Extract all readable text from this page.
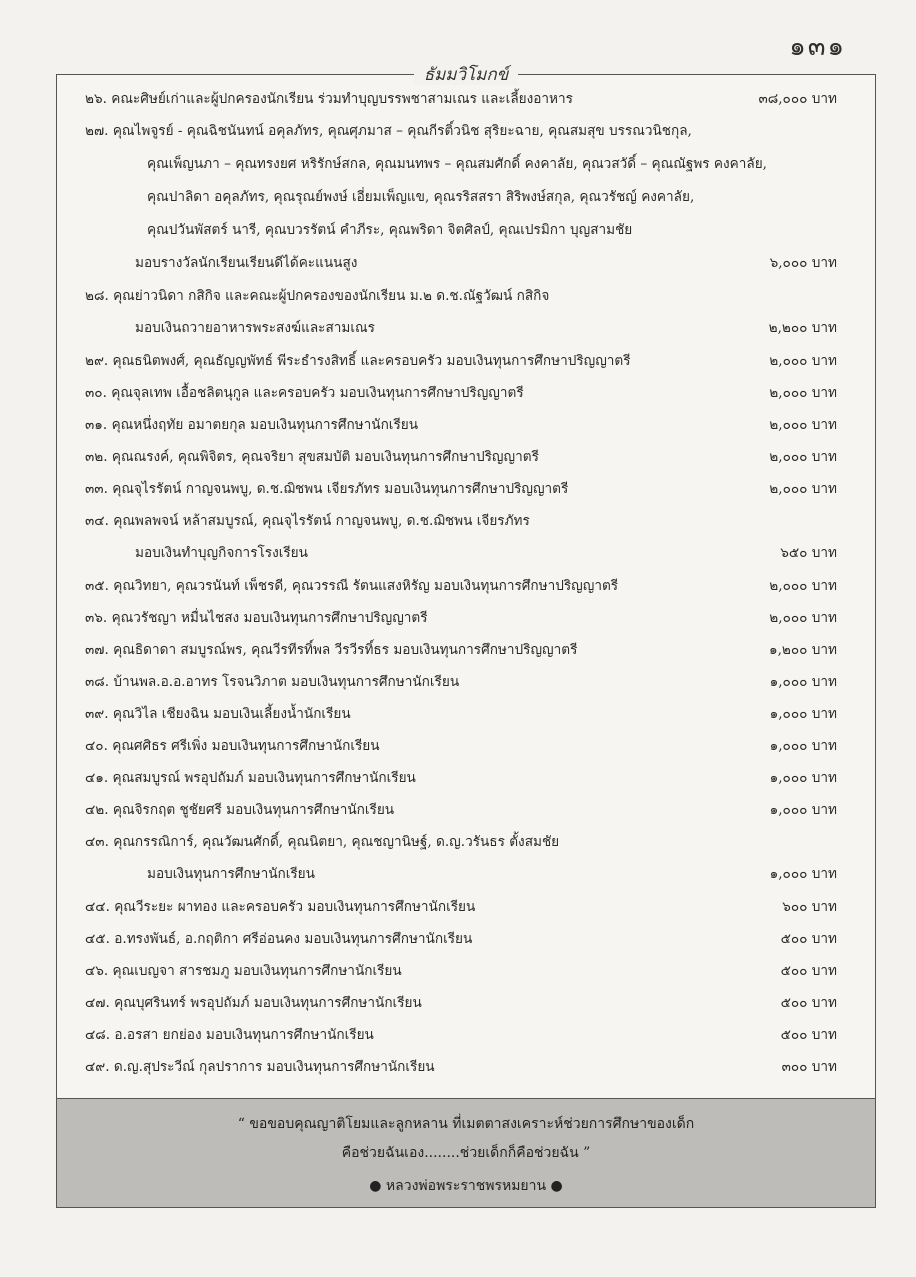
๑๓๑
ธัมมวิโมกข์
๒๖. คณะศิษย์เก่าและผู้ปกครองนักเรียน ร่วมทำบุญบรรพชาสามเณร และเลี้ยงอาหาร	๓๘,๐๐๐ บาท
๒๗. คุณไพจูรย์ - คุณฉิชนันทน์ อคุลภัทร, คุณศุภมาส – คุณกีรติ์วนิช สุริยะฉาย, คุณสมสุข บรรณวนิชกุล,
คุณเพ็ญนภา – คุณทรงยศ หริรักษ์สกล, คุณมนทพร – คุณสมศักดิ์ คงคาลัย, คุณวสวัดิ์ – คุณณัฐพร คงคาลัย,
คุณปาลิดา อคุลภัทร, คุณรุณย์พงษ์ เอี่ยมเพ็ญแข, คุณรริสสรา สิริพงษ์สกุล, คุณวรัชญ์ คงคาลัย,
คุณปวันพัสตร์ นารี, คุณบวรรัตน์ คำภีระ, คุณพริดา จิตศิลป์, คุณเปรมิกา บุญสามชัย
มอบรางวัลนักเรียนเรียนดีได้คะแนนสูง	๖,๐๐๐ บาท
๒๘. คุณย่าวนิดา กสิกิจ และคณะผู้ปกครองของนักเรียน ม.๒ ด.ช.ณัฐวัฒน์ กสิกิจ
มอบเงินถวายอาหารพระสงฆ์และสามเณร	๒,๒๐๐ บาท
๒๙. คุณธนิตพงศ์, คุณธัญญพัทธ์ พีระธำรงสิทธิ์ และครอบครัว มอบเงินทุนการศึกษาปริญญาตรี	๒,๐๐๐ บาท
๓๐. คุณจุลเทพ เอื้อชลิตนุกูล และครอบครัว มอบเงินทุนการศึกษาปริญญาตรี	๒,๐๐๐ บาท
๓๑. คุณหนึ่งฤทัย อมาตยกุล มอบเงินทุนการศึกษานักเรียน	๒,๐๐๐ บาท
๓๒. คุณณรงค์, คุณพิจิตร, คุณจริยา สุขสมบัติ มอบเงินทุนการศึกษาปริญญาตรี	๒,๐๐๐ บาท
๓๓. คุณจุไรรัตน์ กาญจนพบู, ด.ช.ฌิชพน เจียรภัทร มอบเงินทุนการศึกษาปริญญาตรี	๒,๐๐๐ บาท
๓๔. คุณพลพจน์ หล้าสมบูรณ์, คุณจุไรรัตน์ กาญจนพบู, ด.ช.ฌิชพน เจียรภัทร
มอบเงินทำบุญกิจการโรงเรียน	๖๕๐ บาท
๓๕. คุณวิทยา, คุณวรนันท์ เพ็ชรดี, คุณวรรณี รัตนแสงหิรัญ มอบเงินทุนการศึกษาปริญญาตรี	๒,๐๐๐ บาท
๓๖. คุณวรัชญา หมื่นไชสง มอบเงินทุนการศึกษาปริญญาตรี	๒,๐๐๐ บาท
๓๗. คุณธิดาดา สมบูรณ์พร, คุณวีรทีรทิ์พล วีรวีรทิ์ธร มอบเงินทุนการศึกษาปริญญาตรี	๑,๒๐๐ บาท
๓๘. บ้านพล.อ.อ.อาทร โรจนวิภาต มอบเงินทุนการศึกษานักเรียน	๑,๐๐๐ บาท
๓๙. คุณวิไล เชียงฉิน มอบเงินเลี้ยงน้ำนักเรียน	๑,๐๐๐ บาท
๔๐. คุณศศิธร ศรีเพิ่ง มอบเงินทุนการศึกษานักเรียน	๑,๐๐๐ บาท
๔๑. คุณสมบูรณ์ พรอุปถัมภ์ มอบเงินทุนการศึกษานักเรียน	๑,๐๐๐ บาท
๔๒. คุณจิรกฤต ชูชัยศรี มอบเงินทุนการศึกษานักเรียน	๑,๐๐๐ บาท
๔๓. คุณกรรณิการ์, คุณวัฒนศักดิ์, คุณนิตยา, คุณชญานิษฐ์, ด.ญ.วรันธร ตั้งสมชัย
มอบเงินทุนการศึกษานักเรียน	๑,๐๐๐ บาท
๔๔. คุณวีระยะ ผาทอง และครอบครัว มอบเงินทุนการศึกษานักเรียน	๖๐๐ บาท
๔๕. อ.ทรงพันธ์, อ.กฤติกา ศรีอ่อนคง มอบเงินทุนการศึกษานักเรียน	๕๐๐ บาท
๔๖. คุณเบญจา สารชมภู มอบเงินทุนการศึกษานักเรียน	๕๐๐ บาท
๔๗. คุณบุศรินทร์ พรอุปถัมภ์ มอบเงินทุนการศึกษานักเรียน	๕๐๐ บาท
๔๘. อ.อรสา ยกย่อง มอบเงินทุนการศึกษานักเรียน	๕๐๐ บาท
๔๙. ด.ญ.สุประวีณ์ กุลปราการ มอบเงินทุนการศึกษานักเรียน	๓๐๐ บาท
“ ขอขอบคุณญาติโยมและลูกหลาน ที่เมตตาสงเคราะห์ช่วยการศึกษาของเด็ก
คือช่วยฉันเอง........ช่วยเด็กก็คือช่วยฉัน ”
● หลวงพ่อพระราชพรหมยาน ●
